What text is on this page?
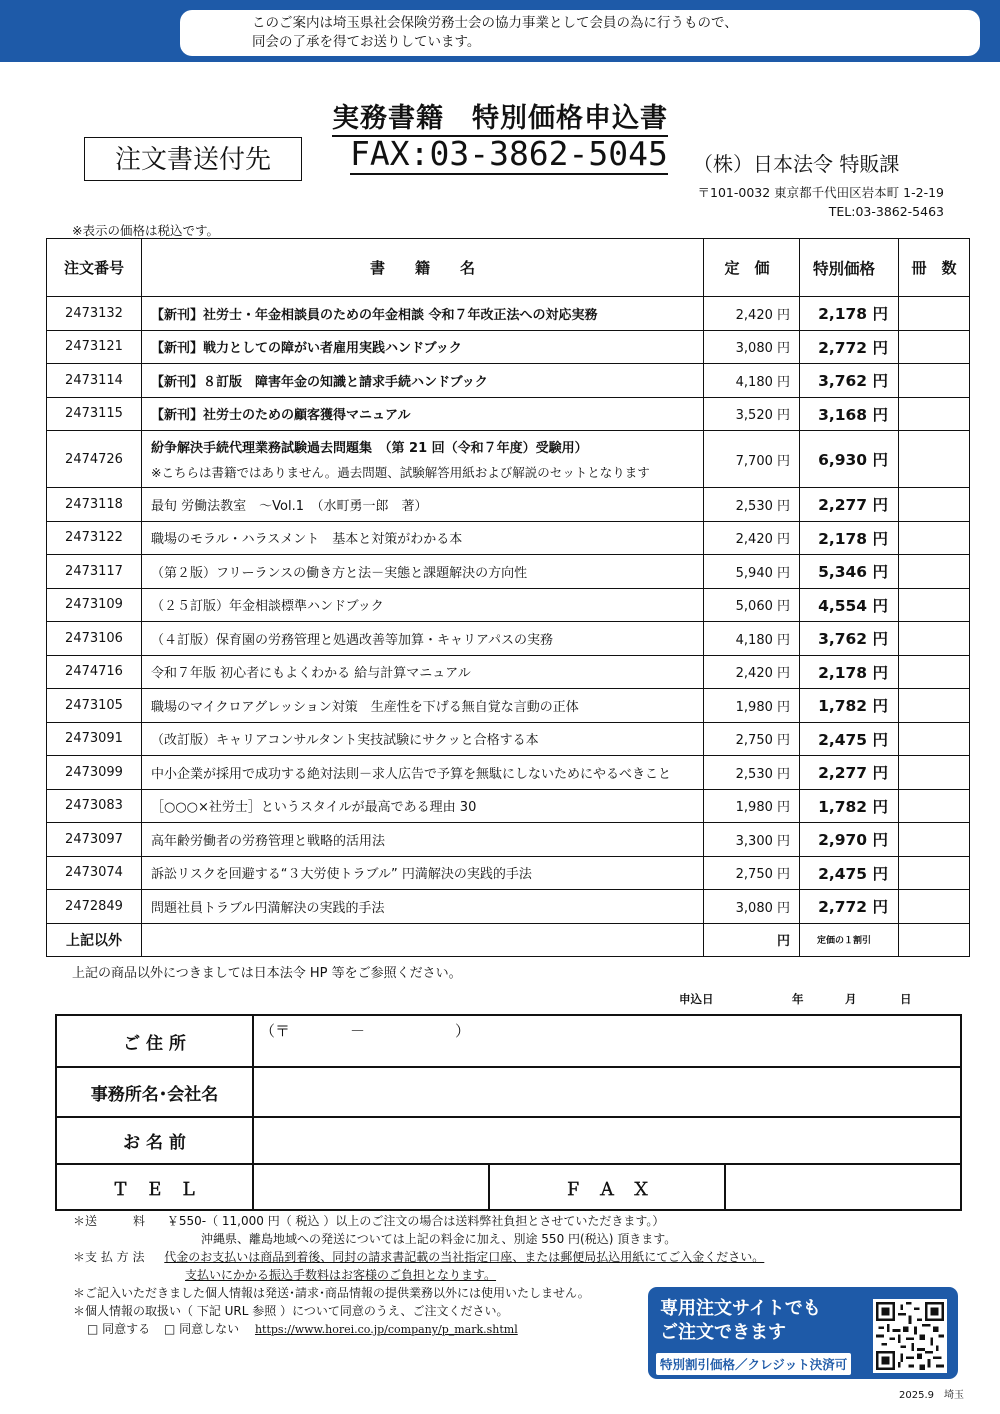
このご案内は埼玉県社会保険労務士会の協力事業として会員の為に行うもので、
同会の了承を得てお送りしています。
実務書籍　特別価格申込書
注文書送付先	FAX:03-3862-5045 （株）日本法令 特販課
〒101-0032 東京都千代田区岩本町 1-2-19
TEL:03-3862-5463
※表示の価格は税込です。
注文番号	書　　籍　　名	定　価	特別価格	冊　数
2473132	【新刊】社労士・年金相談員のための年金相談 令和７年改正法への対応実務	2,420 円	2,178 円	
2473121	【新刊】戦力としての障がい者雇用実践ハンドブック	3,080 円	2,772 円	
2473114	【新刊】８訂版　障害年金の知識と請求手続ハンドブック	4,180 円	3,762 円	
2473115	【新刊】社労士のための顧客獲得マニュアル	3,520 円	3,168 円	
2474726	紛争解決手続代理業務試験過去問題集　（第 21 回（令和７年度）受験用）
※こちらは書籍ではありません。過去問題、試験解答用紙および解説のセットとなります	7,700 円	6,930 円	
2473118	最旬 労働法教室　～Vol.1　（水町勇一郎　著）	2,530 円	2,277 円	
2473122	職場のモラル・ハラスメント　基本と対策がわかる本	2,420 円	2,178 円	
2473117	（第２版）フリーランスの働き方と法－実態と課題解決の方向性	5,940 円	5,346 円	
2473109	（２５訂版）年金相談標準ハンドブック	5,060 円	4,554 円	
2473106	（４訂版）保育園の労務管理と処遇改善等加算・キャリアパスの実務	4,180 円	3,762 円	
2474716	令和７年版 初心者にもよくわかる 給与計算マニュアル	2,420 円	2,178 円	
2473105	職場のマイクロアグレッション対策　生産性を下げる無自覚な言動の正体	1,980 円	1,782 円	
2473091	（改訂版）キャリアコンサルタント実技試験にサクッと合格する本	2,750 円	2,475 円	
2473099	中小企業が採用で成功する絶対法則－求人広告で予算を無駄にしないためにやるべきこと	2,530 円	2,277 円	
2473083	［○○○×社労士］というスタイルが最高である理由 30	1,980 円	1,782 円	
2473097	高年齢労働者の労務管理と戦略的活用法	3,300 円	2,970 円	
2473074	訴訟リスクを回避する“３大労使トラブル” 円満解決の実践的手法	2,750 円	2,475 円	
2472849	問題社員トラブル円満解決の実践的手法	3,080 円	2,772 円	
上記以外		円	定価の１割引	
上記の商品以外につきましては日本法令 HP 等をご参照ください。
申込日	年	月	日
ご 住 所	（〒　　　　－　　　　　　）		
事務所名･会社名			
お 名 前			
Ｔ　Ｅ　Ｌ		Ｆ　Ａ　Ｘ	
＊送　　　料 ￥550-（ 11,000 円（ 税込 ）以上のご注文の場合は送料弊社負担とさせていただきます。）
沖縄県、離島地域への発送については上記の料金に加え、別途 550 円(税込) 頂きます。
＊支 払 方 法 代金のお支払いは商品到着後、同封の請求書記載の当社指定口座、または郵便局払込用紙にてご入金ください。
支払いにかかる振込手数料はお客様のご負担となります。
＊ご記入いただきました個人情報は発送･請求･商品情報の提供業務以外には使用いたしません。
＊個人情報の取扱い（ 下記 URL 参照 ）について同意のうえ、ご注文ください。
□ 同意する □ 同意しない https://www.horei.co.jp/company/p_mark.shtml
専用注文サイトでも
ご注文できます
特別割引価格／クレジット決済可
2025.9　埼玉
